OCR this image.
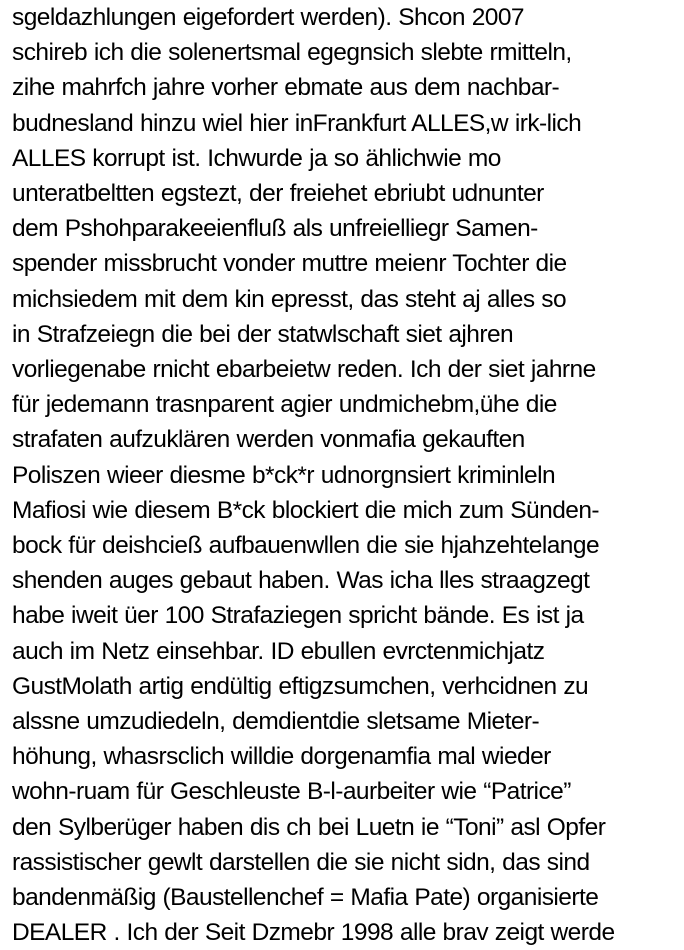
sgeldazhlungen eigefordert werden). Shcon 2007
schireb ich die solenertsmal egegnsich slebte rmitteln,
zihe mahrfch jahre vorher ebmate aus dem nachbar-
budnesland hinzu wiel hier inFrankfurt ALLES,w irk-lich
ALLES korrupt ist. Ichwurde ja so ählichwie mo
unteratbeltten egstezt, der freiehet ebriubt udnunter
dem Pshohparakeeienfluß als unfreielliegr Samen-
spender missbrucht vonder muttre meienr Tochter die
michsiedem mit dem kin epresst, das steht aj alles so
in Strafzeiegn die bei der statwlschaft siet ajhren
vorliegenabe rnicht ebarbeietw reden. Ich der siet jahrne
für jedemann trasnparent agier undmichebm,ühe die
strafaten aufzuklären werden vonmafia gekauften
Poliszen wieer diesme b*ck*r udnorgnsiert kriminleln
Mafiosi wie diesem B*ck blockiert die mich zum Sünden-
bock für deishcieß aufbauenwllen die sie hjahzehtelange
shenden auges gebaut haben. Was icha lles straagzegt
habe iweit üer 100 Strafaziegen spricht bände. Es ist ja
auch im Netz einsehbar. ID ebullen evrctenmichjatz
GustMolath artig endültig eftigzsumchen, verhcidnen zu
alssne umzudiedeln, demdientdie sletsame Mieter-
höhung, whasrsclich willdie dorgenamfia mal wieder
wohn-ruam für Geschleuste B-l-aurbeiter wie “Patrice”
den Sylberüger haben dis ch bei Luetn ie “Toni” asl Opfer
rassistischer gewlt darstellen die sie nicht sidn, das sind
bandenmäßig (Baustellenchef = Mafia Pate) organisierte
DEALER . Ich der Seit Dzmebr 1998 alle brav zeigt werde
